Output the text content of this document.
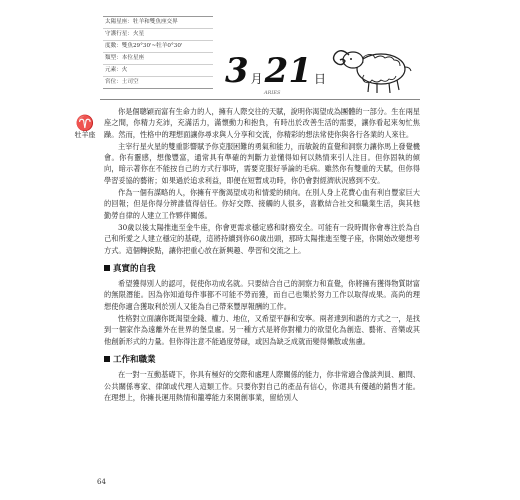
太陽星座：牡羊和雙魚座交界
守護行星：火星
度數：雙魚29°30'~牡羊0°30'
類型：本位星座
元素：火
宮位：土司空	3 月 21 日
ARIES
♈
牡羊座

你是個聰穎而富有生命力的人，擁有人際交往的天賦，說明你渴望成為團體的一部分。生在兩星座之間，你精力充沛，充滿活力，滿懷動力和抱負，有時出於改善生活的需要，讓你看起來匆忙焦躁。然而，性格中的理想面讓你尋求與人分享和交流，你精彩的想法常使你與各行各業的人來往。

主宰行星火星的雙重影響賦予你克服困難的勇氣和能力，而敏銳的直覺和洞察力讓你馬上發覺機會。你有靈感，想像豐富，通常具有準確的判斷力並懂得如何以熱情來引人注目。但你固執的傾向，暗示著你在不能按自己的方式行事時，需要克服好爭論的毛病。雖然你有雙重的天賦，但你得學習妥協的藝術；如果過於追求利益，即便在短暫成功時，你仍會對經濟狀況感到不安。

作為一個有謀略的人，你擁有平衡渴望成功和情愛的傾向。在別人身上花費心血有利自豐家巨大的回報；但是你得分辨誰值得信任。你好交際、接觸的人很多，喜歡結合社交和職業生活，與其他勤勞自律的人建立工作夥伴關係。

30歲以後太陽推進至金牛座，你會更需求穩定感和財務安全。可能有一段時間你會專注於為自己和所愛之人建立穩定的基礎，這將持續到你60歲出頭，那時太陽推進至雙子座，你開始改變想考方式。這個轉捩點，讓你把重心放在新興趣、學習和交流之上。

真實的自我

希望獲得別人的認可，促使你功成名就。只要結合自己的洞察力和直覺，你將擁有獲得物質財富的無限潛能。因為你知道每件事都不可能不勞而獲，而自己也樂於努力工作以取得成果。高尚的理想使你適合獲取利於別人又能為自己帶來豐厚報酬的工作。

性格對立面讓你既渴望金錢、權力、地位，又希望平靜和安寧。兩者達到和諧的方式之一，是找到一個家作為遠離外在世界的堡皇處。另一種方式是將你對權力的欲望化為創造、藝術、音樂或其他創新形式的力量。但你得注意不能過度勞碌，或因為缺乏成就而變得懶散或焦慮。

工作和職業

在一對一互動基礎下，你具有極好的交際和處理人際關係的能力，你非常適合像談判員、顧問、公共關係專家、律師或代理人這類工作。只要你對自己的產品有信心，你還具有優越的銷售才能。在理想上，你擁長運用熱情和籠導能力來開創事業，留給別人

64
